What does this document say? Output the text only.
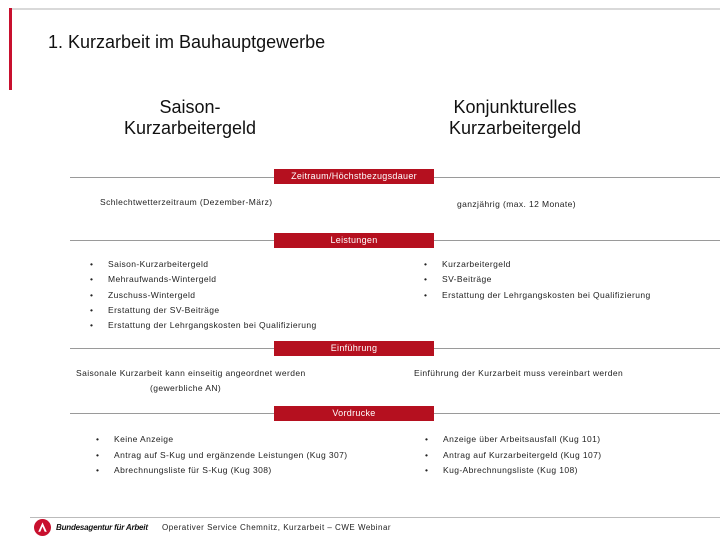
1. Kurzarbeit im Bauhauptgewerbe
Saison-
Kurzarbeitergeld
Konjunkturelles
Kurzarbeitergeld
Zeitraum/Höchstbezugsdauer
Schlechtwetterzeitraum (Dezember-März)	ganzjährig (max. 12 Monate)
Leistungen
• Saison-Kurzarbeitergeld
• Mehraufwands-Wintergeld
• Zuschuss-Wintergeld
• Erstattung der SV-Beiträge
• Erstattung der Lehrgangskosten bei Qualifizierung
• Kurzarbeitergeld
• SV-Beiträge
• Erstattung der Lehrgangskosten bei Qualifizierung
Einführung
Saisonale Kurzarbeit kann einseitig angeordnet werden
(gewerbliche AN)
Einführung der Kurzarbeit muss vereinbart werden
Vordrucke
• Keine Anzeige
• Antrag auf S-Kug und ergänzende Leistungen (Kug 307)
• Abrechnungsliste für S-Kug (Kug 308)
• Anzeige über Arbeitsausfall (Kug 101)
• Antrag auf Kurzarbeitergeld (Kug 107)
• Kug-Abrechnungsliste (Kug 108)
Bundesagentur für Arbeit Operativer Service Chemnitz, Kurzarbeit – CWE Webinar
